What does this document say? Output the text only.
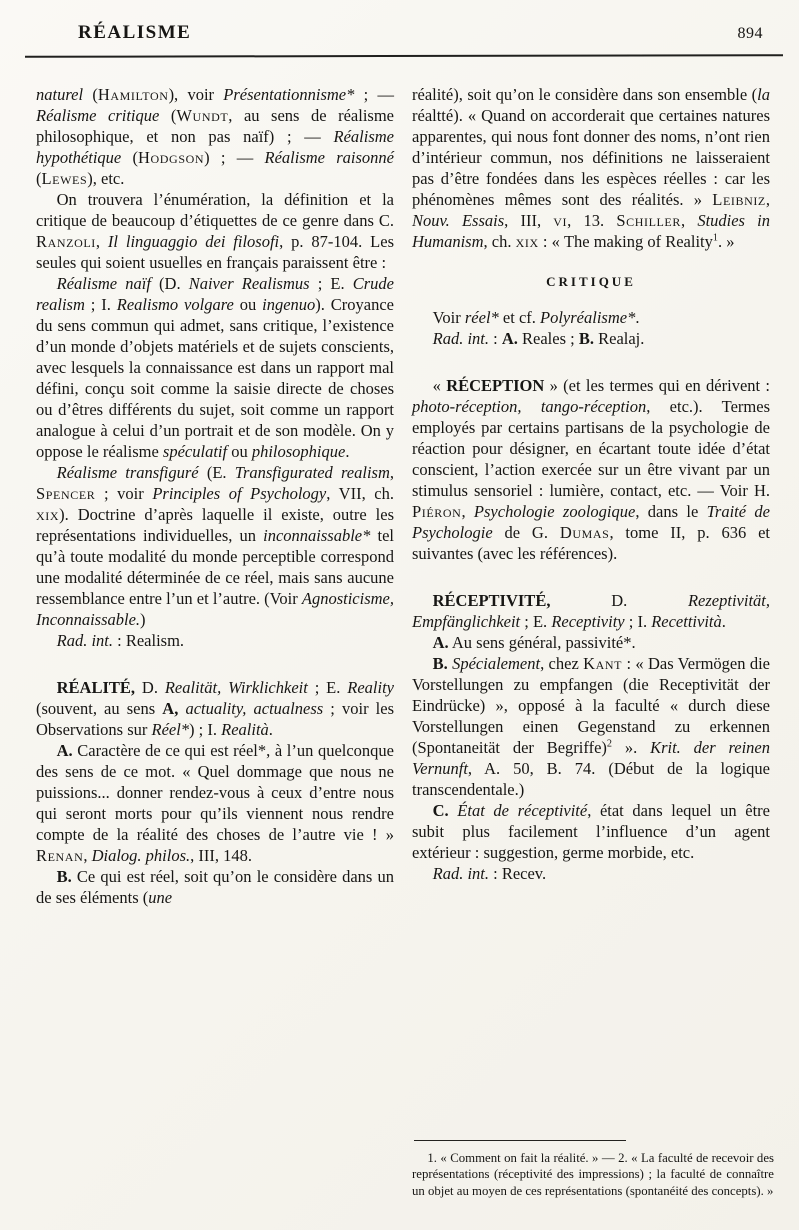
RÉALISME	894

naturel (Hamilton), voir Présentationnisme* ; — Réalisme critique (Wundt, au sens de réalisme philosophique, et non pas naïf) ; — Réalisme hypothétique (Hodgson) ; — Réalisme raisonné (Lewes), etc.

On trouvera l’énumération, la définition et la critique de beaucoup d’étiquettes de ce genre dans C. Ranzoli, Il linguaggio dei filosofi, p. 87-104. Les seules qui soient usuelles en français paraissent être :

Réalisme naïf (D. Naiver Realismus ; E. Crude realism ; I. Realismo volgare ou ingenuo). Croyance du sens commun qui admet, sans critique, l’existence d’un monde d’objets matériels et de sujets conscients, avec lesquels la connaissance est dans un rapport mal défini, conçu soit comme la saisie directe de choses ou d’êtres différents du sujet, soit comme un rapport analogue à celui d’un portrait et de son modèle. On y oppose le réalisme spéculatif ou philosophique.

Réalisme transfiguré (E. Transfigurated realism, Spencer ; voir Principles of Psychology, VII, ch. xix). Doctrine d’après laquelle il existe, outre les représentations individuelles, un inconnaissable* tel qu’à toute modalité du monde perceptible correspond une modalité déterminée de ce réel, mais sans aucune ressemblance entre l’un et l’autre. (Voir Agnosticisme, Inconnaissable.)

Rad. int. : Realism.

RÉALITÉ, D. Realität, Wirklichkeit ; E. Reality (souvent, au sens A, actuality, actualness ; voir les Observations sur Réel*) ; I. Realità.

A. Caractère de ce qui est réel*, à l’un quelconque des sens de ce mot. « Quel dommage que nous ne puissions... donner rendez-vous à ceux d’entre nous qui seront morts pour qu’ils viennent nous rendre compte de la réalité des choses de l’autre vie ! » Renan, Dialog. philos., III, 148.

B. Ce qui est réel, soit qu’on le considère dans un de ses éléments (une

réalité), soit qu’on le considère dans son ensemble (la réaltté). « Quand on accorderait que certaines natures apparentes, qui nous font donner des noms, n’ont rien d’intérieur commun, nos définitions ne laisseraient pas d’être fondées dans les espèces réelles : car les phénomènes mêmes sont des réalités. » Leibniz, Nouv. Essais, III, vi, 13. Schiller, Studies in Humanism, ch. xix : « The making of Reality$^1$. »

CRITIQUE

Voir réel* et cf. Polyréalisme*.

Rad. int. : A. Reales ; B. Realaj.

« RÉCEPTION » (et les termes qui en dérivent : photo-réception, tango-réception, etc.). Termes employés par certains partisans de la psychologie de réaction pour désigner, en écartant toute idée d’état conscient, l’action exercée sur un être vivant par un stimulus sensoriel : lumière, contact, etc. — Voir H. Piéron, Psychologie zoologique, dans le Traité de Psychologie de G. Dumas, tome II, p. 636 et suivantes (avec les références).

RÉCEPTIVITÉ, D. Rezeptivität, Empfänglichkeit ; E. Receptivity ; I. Recettività.

A. Au sens général, passivité*.

B. Spécialement, chez Kant : « Das Vermögen die Vorstellungen zu empfangen (die Receptivität der Eindrücke) », opposé à la faculté « durch diese Vorstellungen einen Gegenstand zu erkennen (Spontaneität der Begriffe)$^2$ ». Krit. der reinen Vernunft, A. 50, B. 74. (Début de la logique transcendentale.)

C. État de réceptivité, état dans lequel un être subit plus facilement l’influence d’un agent extérieur : suggestion, germe morbide, etc.

Rad. int. : Recev.

1. « Comment on fait la réalité. » — 2. « La faculté de recevoir des représentations (réceptivité des impressions) ; la faculté de connaître un objet au moyen de ces représentations (spontanéité des concepts). »
